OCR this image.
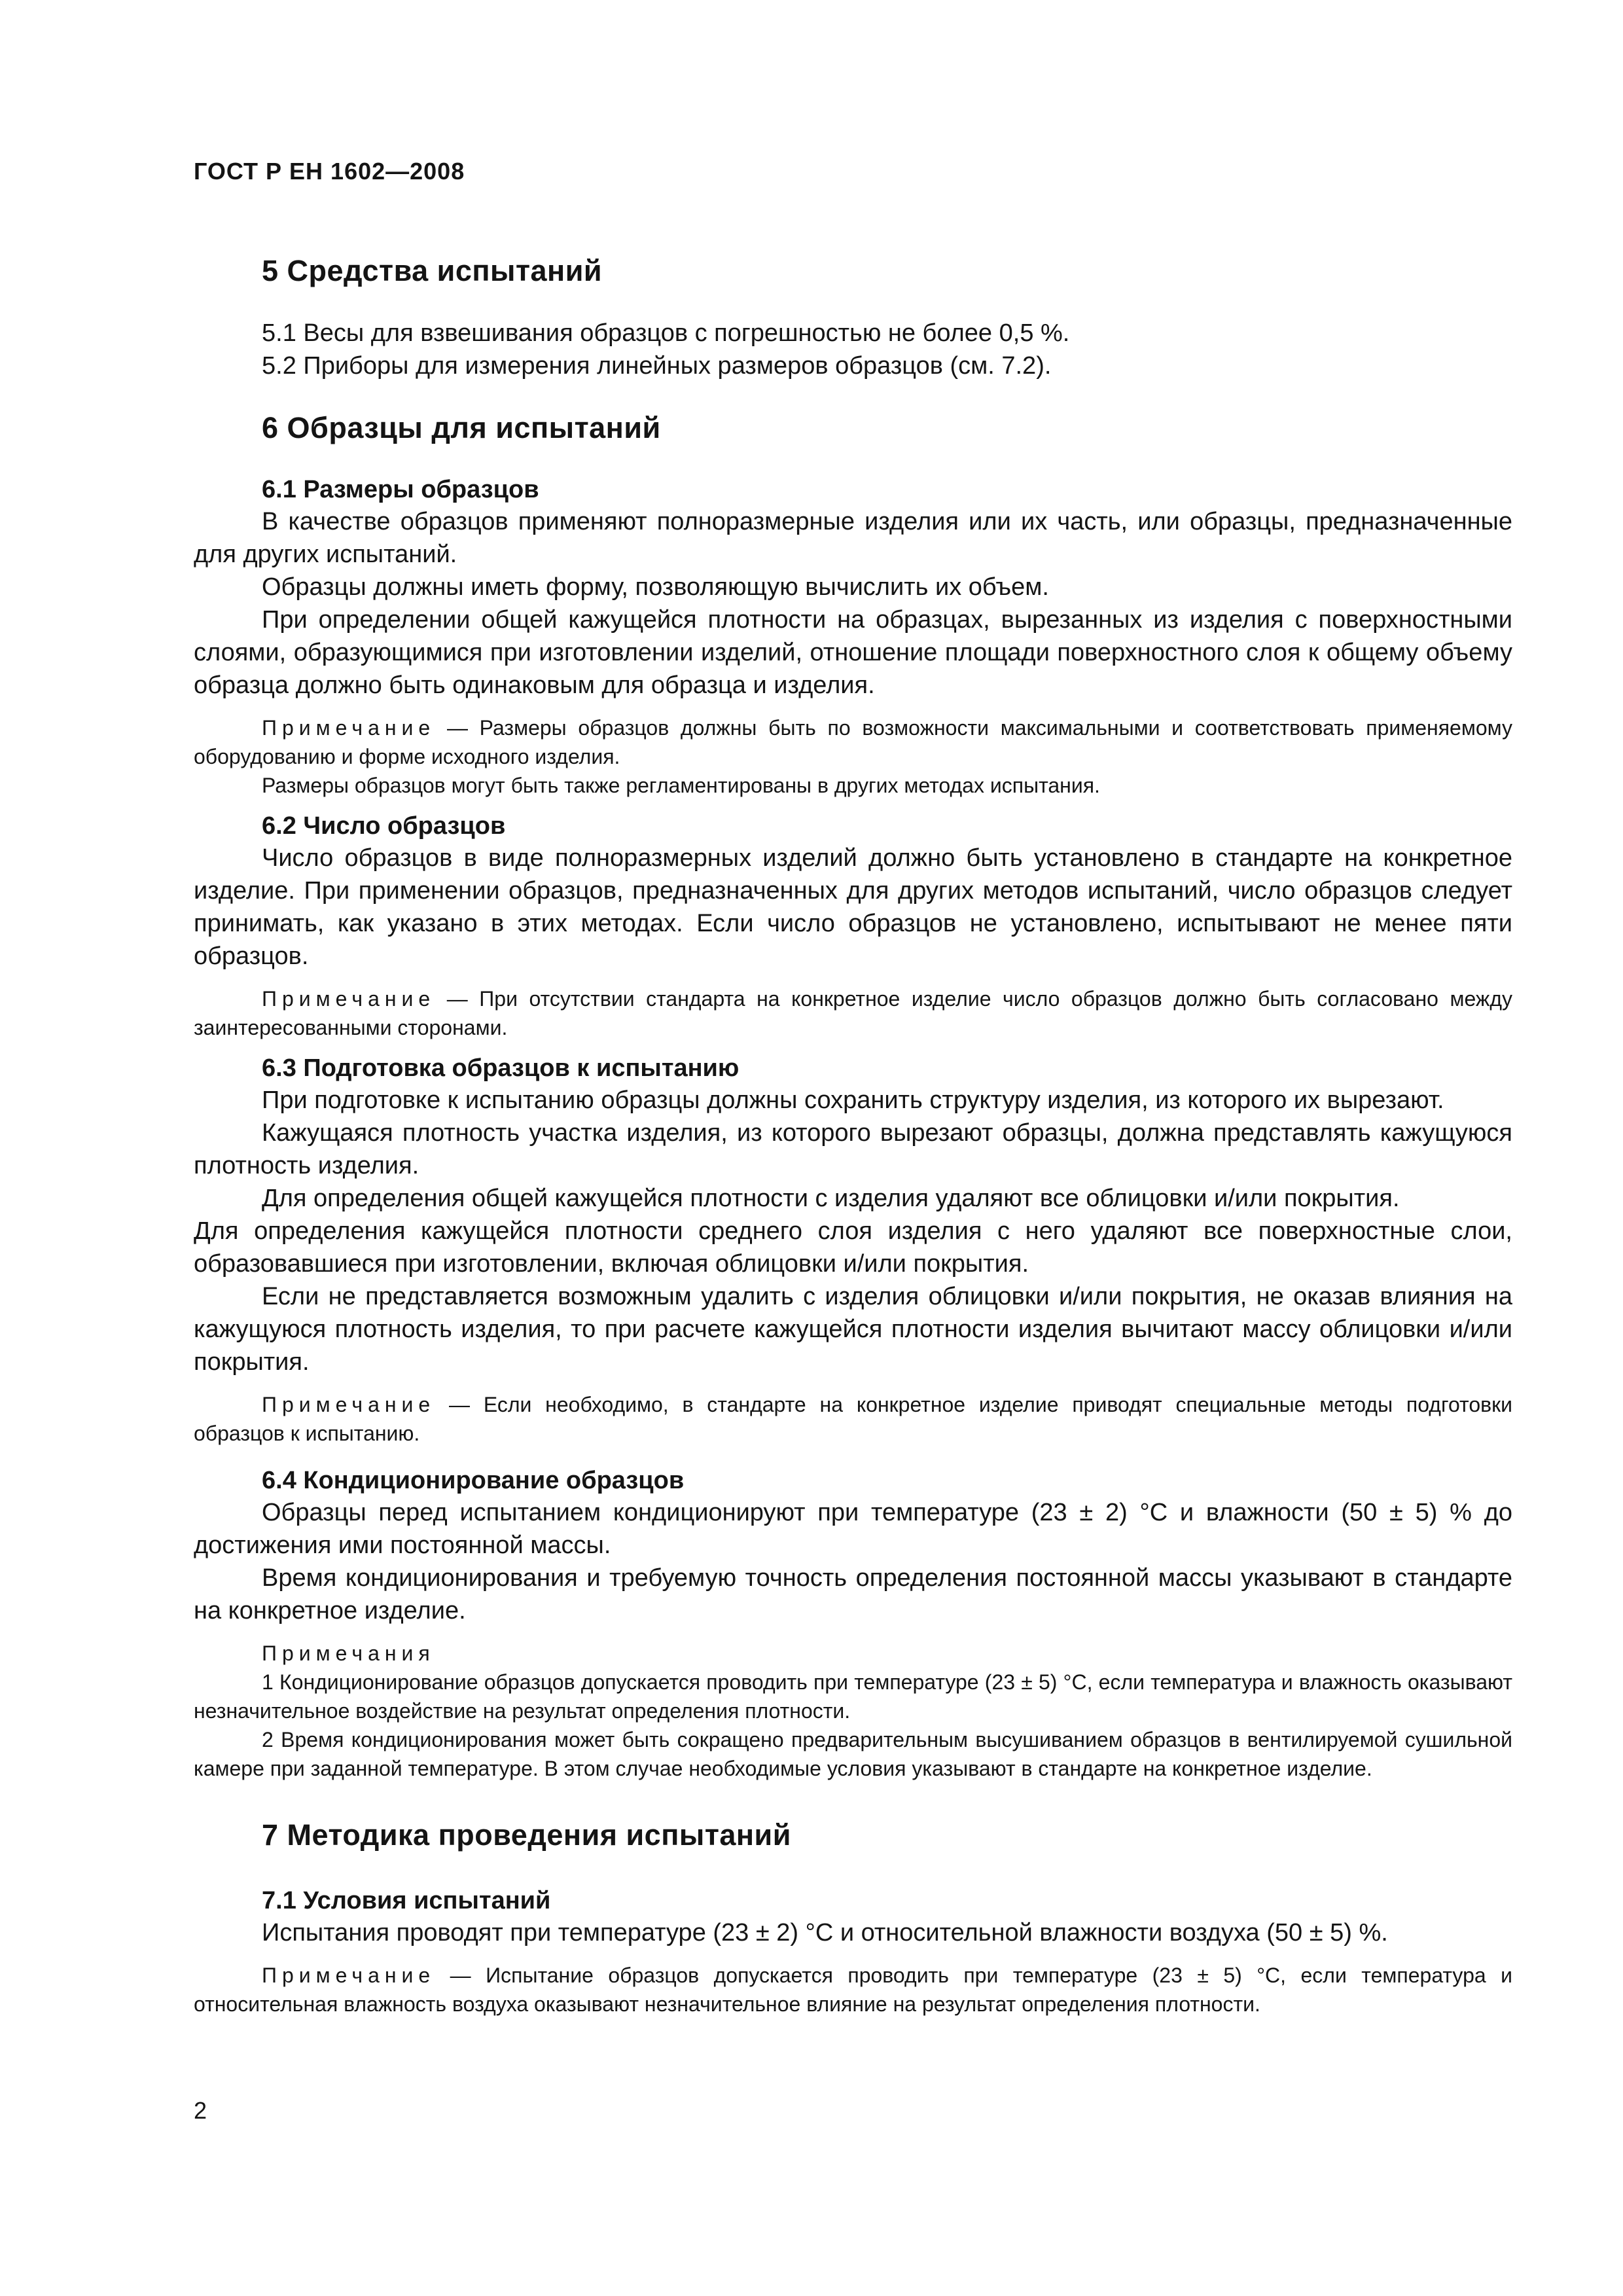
ГОСТ Р ЕН 1602—2008
5 Средства испытаний

5.1 Весы для взвешивания образцов с погрешностью не более 0,5 %.

5.2 Приборы для измерения линейных размеров образцов (см. 7.2).

6 Образцы для испытаний
6.1 Размеры образцов

В качестве образцов применяют полноразмерные изделия или их часть, или образцы, предназначенные для других испытаний.

Образцы должны иметь форму, позволяющую вычислить их объем.

При определении общей кажущейся плотности на образцах, вырезанных из изделия с поверхностными слоями, образующимися при изготовлении изделий, отношение площади поверхностного слоя к общему объему образца должно быть одинаковым для образца и изделия.

Примечание — Размеры образцов должны быть по возможности максимальными и соответствовать применяемому оборудованию и форме исходного изделия.

Размеры образцов могут быть также регламентированы в других методах испытания.

6.2 Число образцов

Число образцов в виде полноразмерных изделий должно быть установлено в стандарте на конкретное изделие. При применении образцов, предназначенных для других методов испытаний, число образцов следует принимать, как указано в этих методах. Если число образцов не установлено, испытывают не менее пяти образцов.

Примечание — При отсутствии стандарта на конкретное изделие число образцов должно быть согласовано между заинтересованными сторонами.

6.3 Подготовка образцов к испытанию

При подготовке к испытанию образцы должны сохранить структуру изделия, из которого их вырезают.

Кажущаяся плотность участка изделия, из которого вырезают образцы, должна представлять кажущуюся плотность изделия.

Для определения общей кажущейся плотности с изделия удаляют все облицовки и/или покрытия.

Для определения кажущейся плотности среднего слоя изделия с него удаляют все поверхностные слои, образовавшиеся при изготовлении, включая облицовки и/или покрытия.

Если не представляется возможным удалить с изделия облицовки и/или покрытия, не оказав влияния на кажущуюся плотность изделия, то при расчете кажущейся плотности изделия вычитают массу облицовки и/или покрытия.

Примечание — Если необходимо, в стандарте на конкретное изделие приводят специальные методы подготовки образцов к испытанию.

6.4 Кондиционирование образцов

Образцы перед испытанием кондиционируют при температуре (23 ± 2) °С и влажности (50 ± 5) % до достижения ими постоянной массы.

Время кондиционирования и требуемую точность определения постоянной массы указывают в стандарте на конкретное изделие.

Примечания

1 Кондиционирование образцов допускается проводить при температуре (23 ± 5) °С, если температура и влажность оказывают незначительное воздействие на результат определения плотности.

2 Время кондиционирования может быть сокращено предварительным высушиванием образцов в вентилируемой сушильной камере при заданной температуре. В этом случае необходимые условия указывают в стандарте на конкретное изделие.

7 Методика проведения испытаний
7.1 Условия испытаний

Испытания проводят при температуре (23 ± 2) °С и относительной влажности воздуха (50 ± 5) %.

Примечание — Испытание образцов допускается проводить при температуре (23 ± 5) °С, если температура и относительная влажность воздуха оказывают незначительное влияние на результат определения плотности.

2
